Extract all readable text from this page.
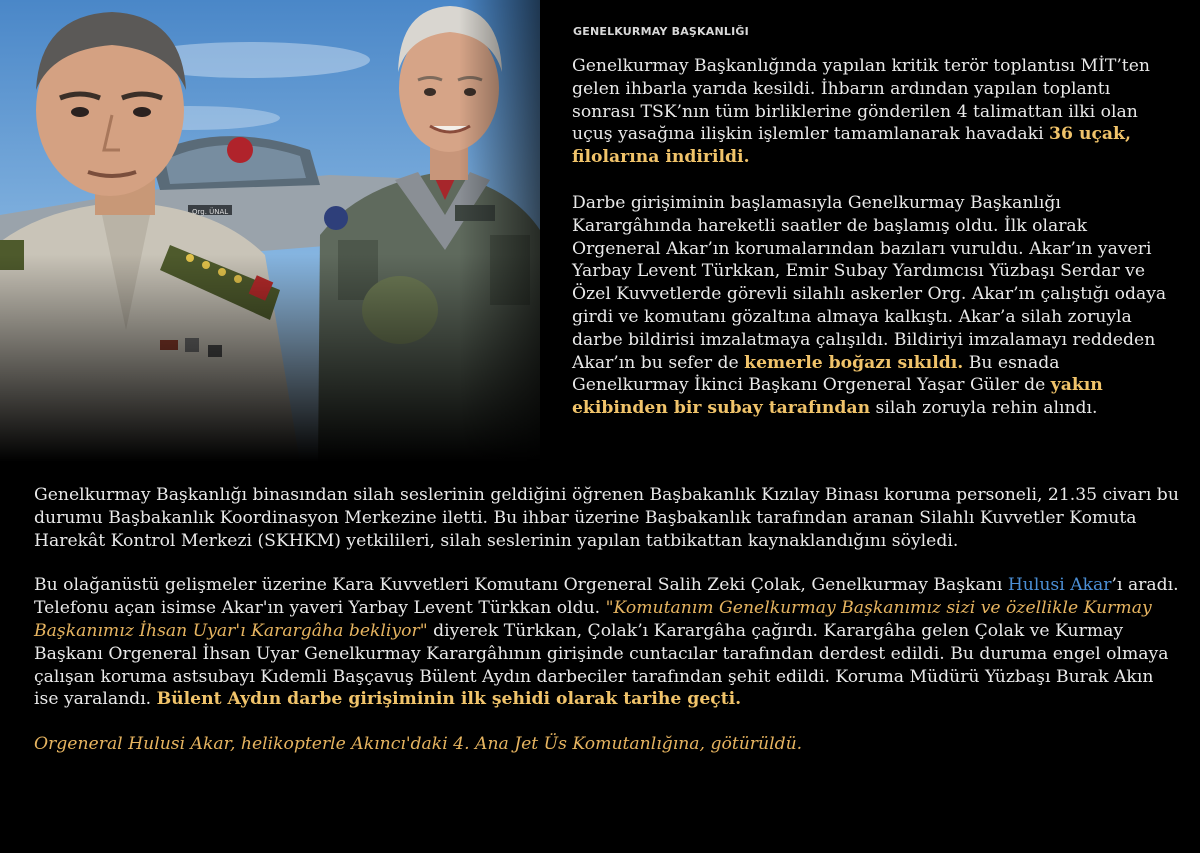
GENELKURMAY BAŞKANLIĞI

Genelkurmay Başkanlığında yapılan kritik terör toplantısı MİT’ten gelen ihbarla yarıda kesildi. İhbarın ardından yapılan toplantı sonrası TSK’nın tüm birliklerine gönderilen 4 talimattan ilki olan uçuş yasağına ilişkin işlemler tamamlanarak havadaki 36 uçak, filolarına indirildi.

Darbe girişiminin başlamasıyla Genelkurmay Başkanlığı Karargâhında hareketli saatler de başlamış oldu. İlk olarak Orgeneral Akar’ın korumalarından bazıları vuruldu. Akar’ın yaveri Yarbay Levent Türkkan, Emir Subay Yardımcısı Yüzbaşı Serdar ve Özel Kuvvetlerde görevli silahlı askerler Org. Akar’ın çalıştığı odaya girdi ve komutanı gözaltına almaya kalkıştı. Akar’a silah zoruyla darbe bildirisi imzalatmaya çalışıldı. Bildiriyi imzalamayı reddeden Akar’ın bu sefer de kemerle boğazı sıkıldı. Bu esnada Genelkurmay İkinci Başkanı Orgeneral Yaşar Güler de yakın ekibinden bir subay tarafından silah zoruyla rehin alındı.

Genelkurmay Başkanlığı binasından silah seslerinin geldiğini öğrenen Başbakanlık Kızılay Binası koruma personeli, 21.35 civarı bu durumu Başbakanlık Koordinasyon Merkezine iletti. Bu ihbar üzerine Başbakanlık tarafından aranan Silahlı Kuvvetler Komuta Harekât Kontrol Merkezi (SKHKM) yetkilileri, silah seslerinin yapılan tatbikattan kaynaklandığını söyledi.

Bu olağanüstü gelişmeler üzerine Kara Kuvvetleri Komutanı Orgeneral Salih Zeki Çolak, Genelkurmay Başkanı Hulusi Akar’ı aradı. Telefonu açan isimse Akar'ın yaveri Yarbay Levent Türkkan oldu. "Komutanım Genelkurmay Başkanımız sizi ve özellikle Kurmay Başkanımız İhsan Uyar'ı Karargâha bekliyor" diyerek Türkkan, Çolak’ı Karargâha çağırdı. Karargâha gelen Çolak ve Kurmay Başkanı Orgeneral İhsan Uyar Genelkurmay Karargâhının girişinde cuntacılar tarafından derdest edildi. Bu duruma engel olmaya çalışan koruma astsubayı Kıdemli Başçavuş Bülent Aydın darbeciler tarafından şehit edildi. Koruma Müdürü Yüzbaşı Burak Akın ise yaralandı. Bülent Aydın darbe girişiminin ilk şehidi olarak tarihe geçti.

Orgeneral Hulusi Akar, helikopterle Akıncı'daki 4. Ana Jet Üs Komutanlığına, götürüldü.
